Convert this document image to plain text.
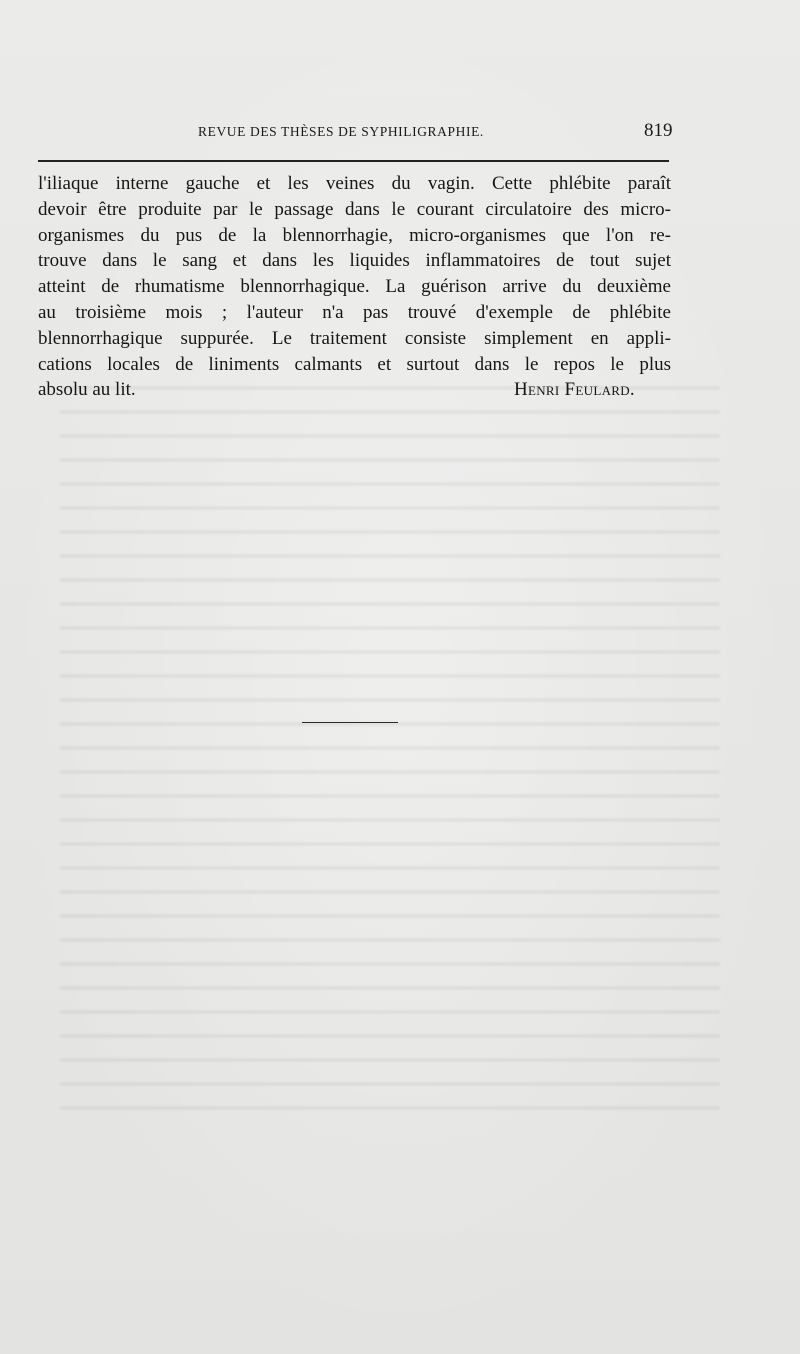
REVUE DES THÈSES DE SYPHILIGRAPHIE.	819
l'iliaque interne gauche et les veines du vagin. Cette phlébite paraît
devoir être produite par le passage dans le courant circulatoire des micro-
organismes du pus de la blennorrhagie, micro-organismes que l'on re-
trouve dans le sang et dans les liquides inflammatoires de tout sujet
atteint de rhumatisme blennorrhagique. La guérison arrive du deuxième
au troisième mois ; l'auteur n'a pas trouvé d'exemple de phlébite
blennorrhagique suppurée. Le traitement consiste simplement en appli-
cations locales de liniments calmants et surtout dans le repos le plus
absolu au lit.	Henri Feulard.
